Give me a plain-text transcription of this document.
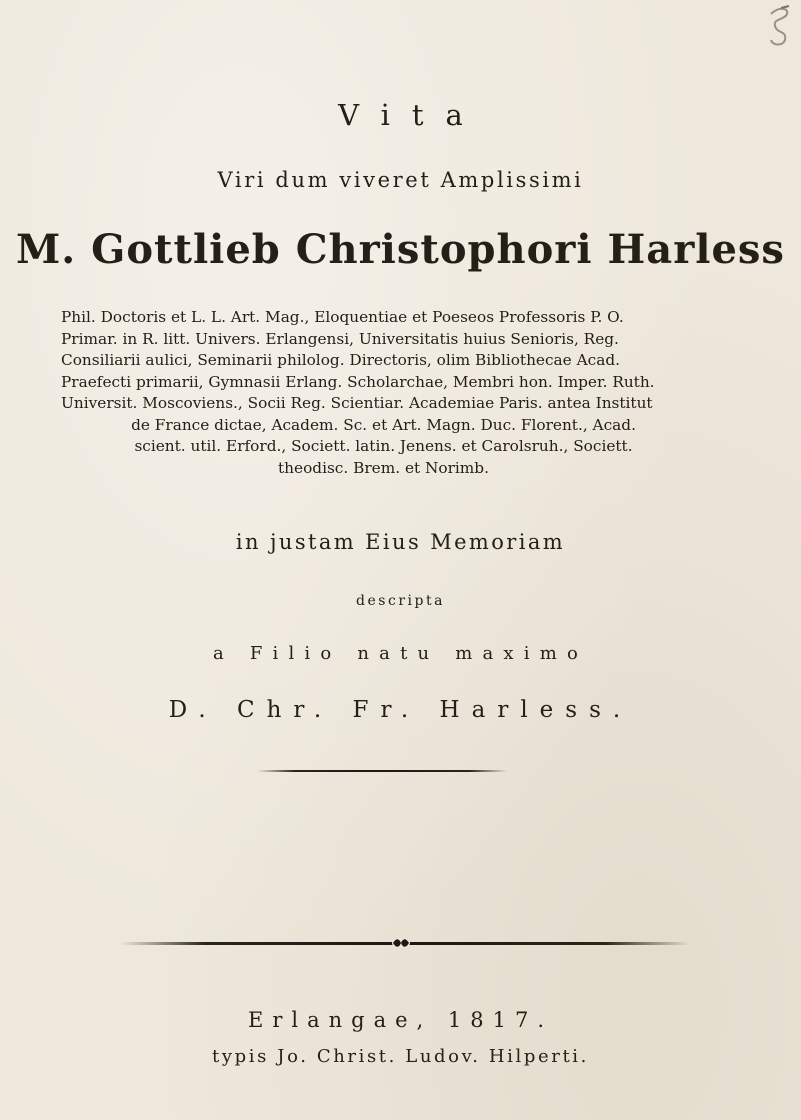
Vita
Viri dum viveret Amplissimi
M. Gottlieb Christophori Harless
Phil. Doctoris et L. L. Art. Mag., Eloquentiae et Poeseos Professoris P. O.
Primar. in R. litt. Univers. Erlangensi, Universitatis huius Senioris, Reg.
Consiliarii aulici, Seminarii philolog. Directoris, olim Bibliothecae Acad.
Praefecti primarii, Gymnasii Erlang. Scholarchae, Membri hon. Imper. Ruth.
Universit. Moscoviens., Socii Reg. Scientiar. Academiae Paris. antea Institut
de France dictae, Academ. Sc. et Art. Magn. Duc. Florent., Acad.
scient. util. Erford., Societt. latin. Jenens. et Carolsruh., Societt.
theodisc. Brem. et Norimb.
in justam Eius Memoriam
descripta
a Filio natu maximo
D. Chr. Fr. Harless.
Erlangae, 1817.
typis Jo. Christ. Ludov. Hilperti.
